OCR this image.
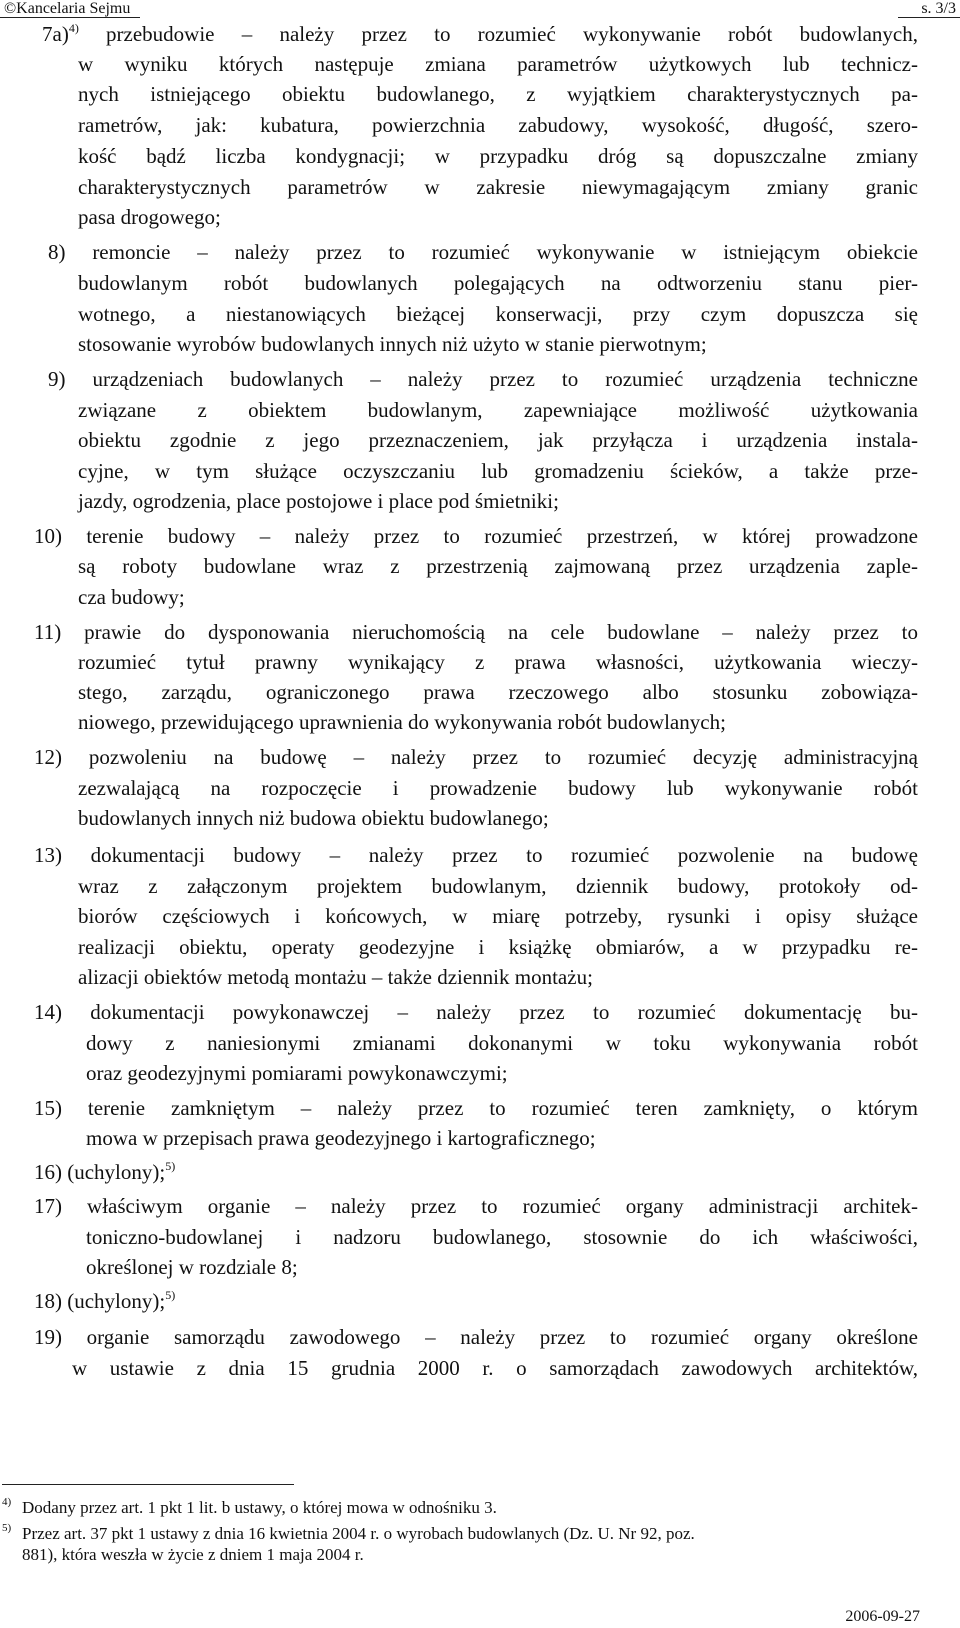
©Kancelaria Sejmu	s. 3/3
7a)$^{4)}$ przebudowie – należy przez to rozumieć wykonywanie robót budowlanych,
w wyniku których następuje zmiana parametrów użytkowych lub technicz-
nych istniejącego obiektu budowlanego, z wyjątkiem charakterystycznych pa-
rametrów, jak: kubatura, powierzchnia zabudowy, wysokość, długość, szero-
kość bądź liczba kondygnacji; w przypadku dróg są dopuszczalne zmiany
charakterystycznych parametrów w zakresie niewymagającym zmiany granic
pasa drogowego;
8) remoncie – należy przez to rozumieć wykonywanie w istniejącym obiekcie
budowlanym robót budowlanych polegających na odtworzeniu stanu pier-
wotnego, a niestanowiących bieżącej konserwacji, przy czym dopuszcza się
stosowanie wyrobów budowlanych innych niż użyto w stanie pierwotnym;
9) urządzeniach budowlanych – należy przez to rozumieć urządzenia techniczne
związane z obiektem budowlanym, zapewniające możliwość użytkowania
obiektu zgodnie z jego przeznaczeniem, jak przyłącza i urządzenia instala-
cyjne, w tym służące oczyszczaniu lub gromadzeniu ścieków, a także prze-
jazdy, ogrodzenia, place postojowe i place pod śmietniki;
10) terenie budowy – należy przez to rozumieć przestrzeń, w której prowadzone
są roboty budowlane wraz z przestrzenią zajmowaną przez urządzenia zaple-
cza budowy;
11) prawie do dysponowania nieruchomością na cele budowlane – należy przez to
rozumieć tytuł prawny wynikający z prawa własności, użytkowania wieczy-
stego, zarządu, ograniczonego prawa rzeczowego albo stosunku zobowiąza-
niowego, przewidującego uprawnienia do wykonywania robót budowlanych;
12) pozwoleniu na budowę – należy przez to rozumieć decyzję administracyjną
zezwalającą na rozpoczęcie i prowadzenie budowy lub wykonywanie robót
budowlanych innych niż budowa obiektu budowlanego;
13) dokumentacji budowy – należy przez to rozumieć pozwolenie na budowę
wraz z załączonym projektem budowlanym, dziennik budowy, protokoły od-
biorów częściowych i końcowych, w miarę potrzeby, rysunki i opisy służące
realizacji obiektu, operaty geodezyjne i książkę obmiarów, a w przypadku re-
alizacji obiektów metodą montażu – także dziennik montażu;
14) dokumentacji powykonawczej – należy przez to rozumieć dokumentację bu-
dowy z naniesionymi zmianami dokonanymi w toku wykonywania robót
oraz geodezyjnymi pomiarami powykonawczymi;
15) terenie zamkniętym – należy przez to rozumieć teren zamknięty, o którym
mowa w przepisach prawa geodezyjnego i kartograficznego;
16) (uchylony);$^{5)}$
17) właściwym organie – należy przez to rozumieć organy administracji architek-
toniczno-budowlanej i nadzoru budowlanego, stosownie do ich właściwości,
określonej w rozdziale 8;
18) (uchylony);$^{5)}$
19) organie samorządu zawodowego – należy przez to rozumieć organy określone
w ustawie z dnia 15 grudnia 2000 r. o samorządach zawodowych architektów,
$^{4)}$ Dodany przez art. 1 pkt 1 lit. b ustawy, o której mowa w odnośniku 3.
$^{5)}$ Przez art. 37 pkt 1 ustawy z dnia 16 kwietnia 2004 r. o wyrobach budowlanych (Dz. U. Nr 92, poz.
881), która weszła w życie z dniem 1 maja 2004 r.
2006-09-27
